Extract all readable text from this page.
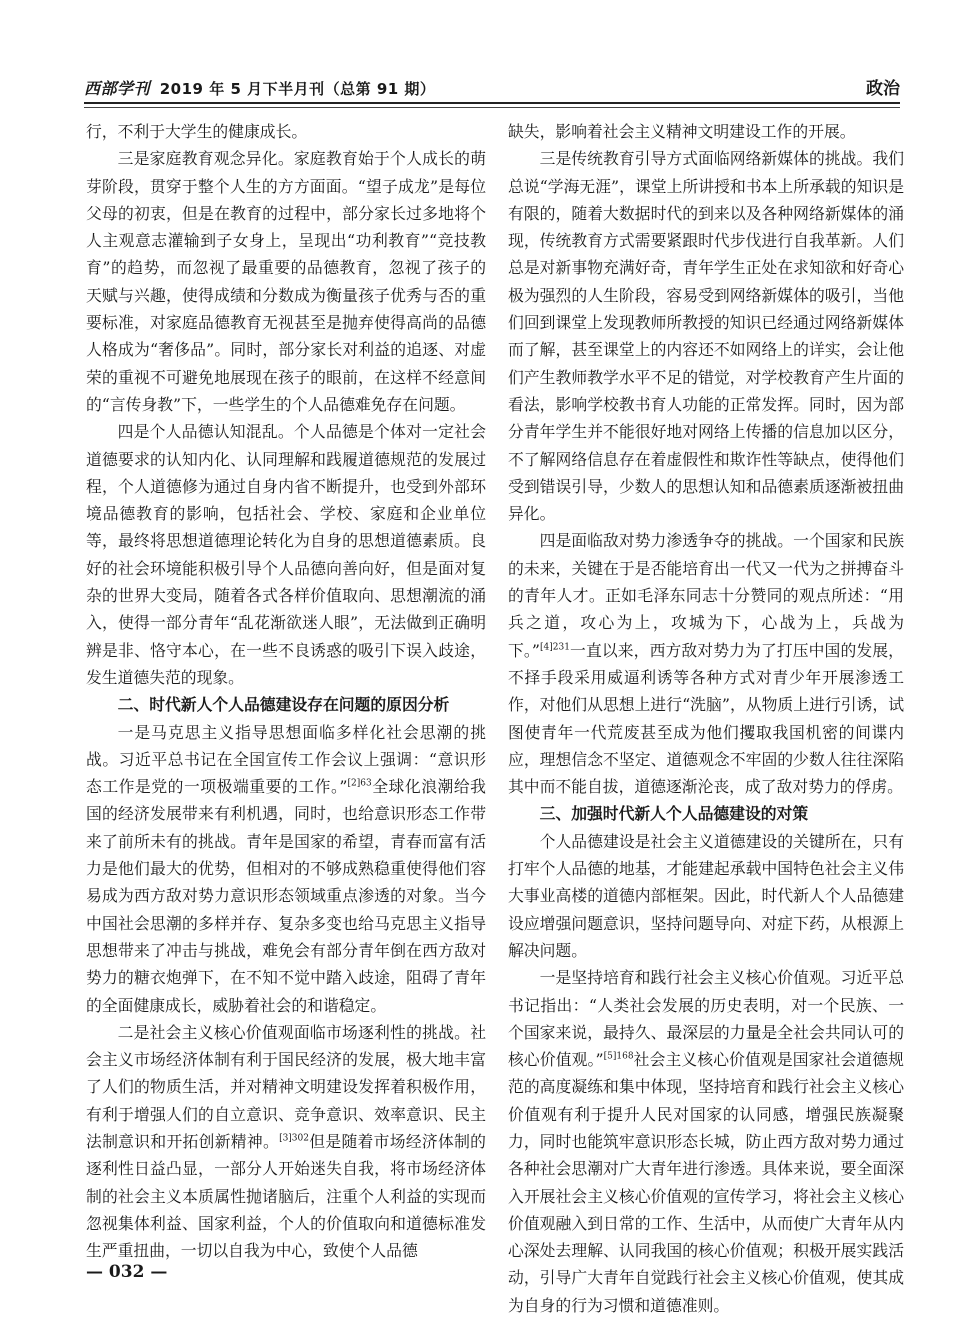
西部学刊 2019 年 5 月下半月刊（总第 91 期）	政治

行，不利于大学生的健康成长。

三是家庭教育观念异化。家庭教育始于个人成长的萌芽阶段，贯穿于整个人生的方方面面。“望子成龙”是每位父母的初衷，但是在教育的过程中，部分家长过多地将个人主观意志灌输到子女身上，呈现出“功利教育”“竞技教育”的趋势，而忽视了最重要的品德教育，忽视了孩子的天赋与兴趣，使得成绩和分数成为衡量孩子优秀与否的重要标准，对家庭品德教育无视甚至是抛弃使得高尚的品德人格成为“奢侈品”。同时，部分家长对利益的追逐、对虚荣的重视不可避免地展现在孩子的眼前，在这样不经意间的“言传身教”下，一些学生的个人品德难免存在问题。

四是个人品德认知混乱。个人品德是个体对一定社会道德要求的认知内化、认同理解和践履道德规范的发展过程，个人道德修为通过自身内省不断提升，也受到外部环境品德教育的影响，包括社会、学校、家庭和企业单位等，最终将思想道德理论转化为自身的思想道德素质。良好的社会环境能积极引导个人品德向善向好，但是面对复杂的世界大变局，随着各式各样价值取向、思想潮流的涌入，使得一部分青年“乱花渐欲迷人眼”，无法做到正确明辨是非、恪守本心，在一些不良诱惑的吸引下误入歧途，发生道德失范的现象。

二、时代新人个人品德建设存在问题的原因分析

一是马克思主义指导思想面临多样化社会思潮的挑战。习近平总书记在全国宣传工作会议上强调：“意识形态工作是党的一项极端重要的工作。”$^{[2]63}$全球化浪潮给我国的经济发展带来有利机遇，同时，也给意识形态工作带来了前所未有的挑战。青年是国家的希望，青春而富有活力是他们最大的优势，但相对的不够成熟稳重使得他们容易成为西方敌对势力意识形态领域重点渗透的对象。当今中国社会思潮的多样并存、复杂多变也给马克思主义指导思想带来了冲击与挑战，难免会有部分青年倒在西方敌对势力的糖衣炮弹下，在不知不觉中踏入歧途，阻碍了青年的全面健康成长，威胁着社会的和谐稳定。

二是社会主义核心价值观面临市场逐利性的挑战。社会主义市场经济体制有利于国民经济的发展，极大地丰富了人们的物质生活，并对精神文明建设发挥着积极作用，有利于增强人们的自立意识、竞争意识、效率意识、民主法制意识和开拓创新精神。$^{[3]302}$但是随着市场经济体制的逐利性日益凸显，一部分人开始迷失自我，将市场经济体制的社会主义本质属性抛诸脑后，注重个人利益的实现而忽视集体利益、国家利益，个人的价值取向和道德标准发生严重扭曲，一切以自我为中心，致使个人品德

缺失，影响着社会主义精神文明建设工作的开展。

三是传统教育引导方式面临网络新媒体的挑战。我们总说“学海无涯”，课堂上所讲授和书本上所承载的知识是有限的，随着大数据时代的到来以及各种网络新媒体的涌现，传统教育方式需要紧跟时代步伐进行自我革新。人们总是对新事物充满好奇，青年学生正处在求知欲和好奇心极为强烈的人生阶段，容易受到网络新媒体的吸引，当他们回到课堂上发现教师所教授的知识已经通过网络新媒体而了解，甚至课堂上的内容还不如网络上的详实，会让他们产生教师教学水平不足的错觉，对学校教育产生片面的看法，影响学校教书育人功能的正常发挥。同时，因为部分青年学生并不能很好地对网络上传播的信息加以区分，不了解网络信息存在着虚假性和欺诈性等缺点，使得他们受到错误引导，少数人的思想认知和品德素质逐渐被扭曲异化。

四是面临敌对势力渗透争夺的挑战。一个国家和民族的未来，关键在于是否能培育出一代又一代为之拼搏奋斗的青年人才。正如毛泽东同志十分赞同的观点所述：“用兵之道，攻心为上，攻城为下，心战为上，兵战为下。”$^{[4]231}$一直以来，西方敌对势力为了打压中国的发展，不择手段采用威逼利诱等各种方式对青少年开展渗透工作，对他们从思想上进行“洗脑”，从物质上进行引诱，试图使青年一代荒废甚至成为他们攫取我国机密的间谍内应，理想信念不坚定、道德观念不牢固的少数人往往深陷其中而不能自拔，道德逐渐沦丧，成了敌对势力的俘虏。

三、加强时代新人个人品德建设的对策

个人品德建设是社会主义道德建设的关键所在，只有打牢个人品德的地基，才能建起承载中国特色社会主义伟大事业高楼的道德内部框架。因此，时代新人个人品德建设应增强问题意识，坚持问题导向、对症下药，从根源上解决问题。

一是坚持培育和践行社会主义核心价值观。习近平总书记指出：“人类社会发展的历史表明，对一个民族、一个国家来说，最持久、最深层的力量是全社会共同认可的核心价值观。”$^{[5]168}$社会主义核心价值观是国家社会道德规范的高度凝练和集中体现，坚持培育和践行社会主义核心价值观有利于提升人民对国家的认同感，增强民族凝聚力，同时也能筑牢意识形态长城，防止西方敌对势力通过各种社会思潮对广大青年进行渗透。具体来说，要全面深入开展社会主义核心价值观的宣传学习，将社会主义核心价值观融入到日常的工作、生活中，从而使广大青年从内心深处去理解、认同我国的核心价值观；积极开展实践活动，引导广大青年自觉践行社会主义核心价值观，使其成为自身的行为习惯和道德准则。

— 032 —
